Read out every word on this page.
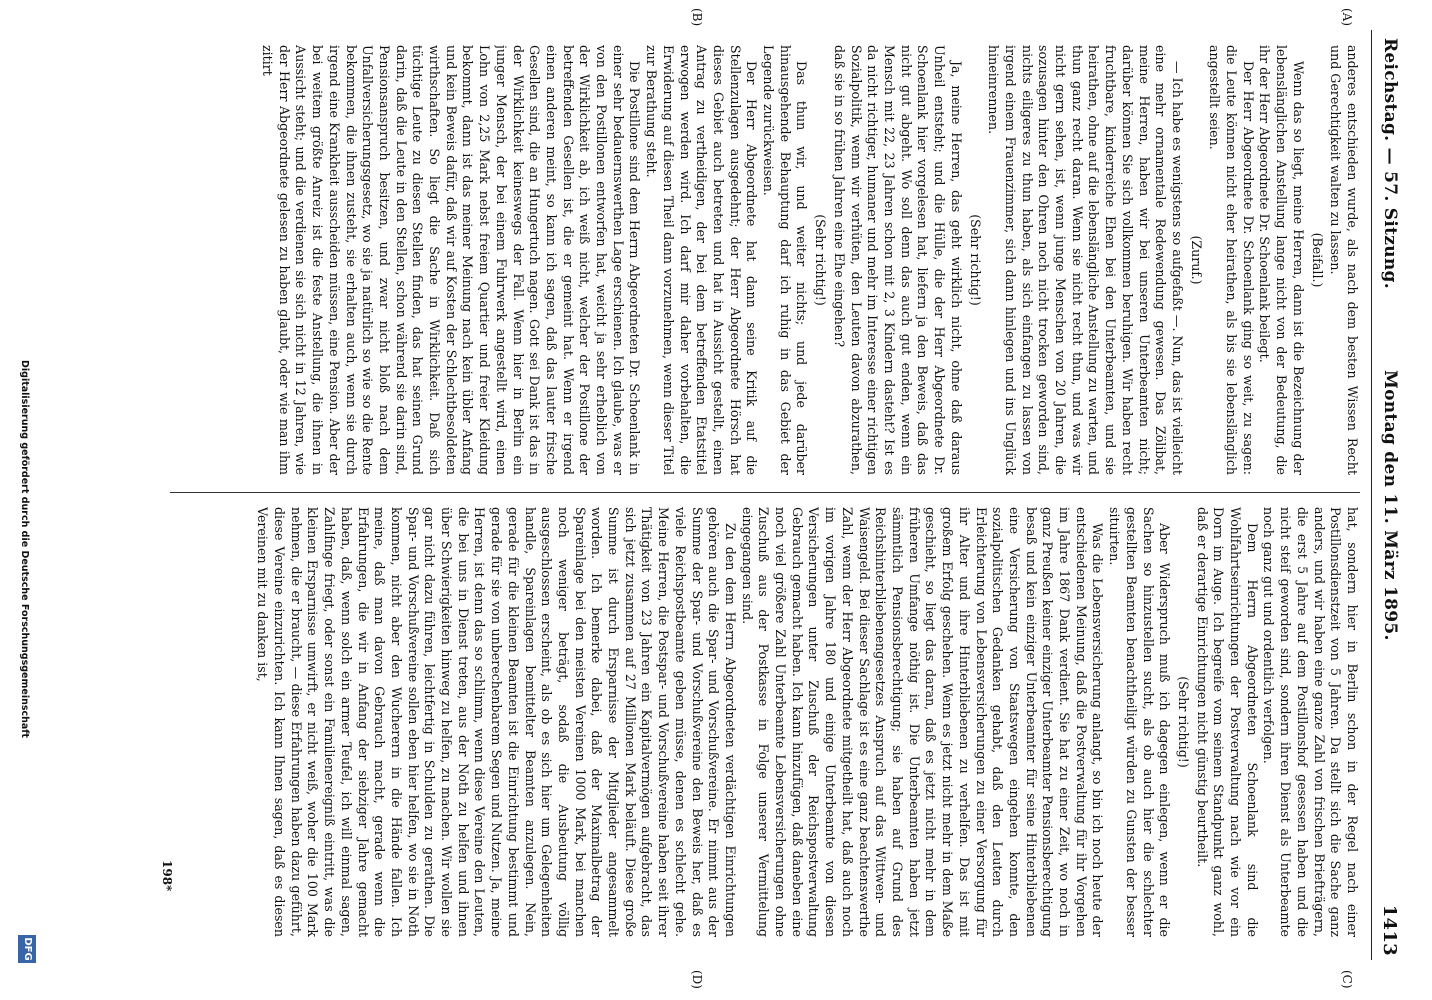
Reichstag. — 57. Sitzung.
Montag den 11. März 1895.
1413
(A)
(B)
(C)
(D)

anderes entschieden wurde, als nach dem besten Wissen Recht und Gerechtigkeit walten zu lassen.

(Beifall.)

Wenn das so liegt, meine Herren, dann ist die Bezeichnung der lebenslänglichen Anstellung lange nicht von der Bedeutung, die ihr der Herr Abgeordnete Dr. Schoenlank beilegt.

Der Herr Abgeordnete Dr. Schoenlank ging so weit, zu sagen: die Leute können nicht eher heirathen, als bis sie lebenslänglich angestellt seien.

(Zuruf.)

— Ich habe es wenigstens so aufgefaßt —. Nun, das ist vielleicht eine mehr ornamentale Redewendung gewesen. Das Zölibat, meine Herren, haben wir bei unseren Unterbeamten nicht; darüber können Sie sich vollkommen beruhigen. Wir haben recht fruchtbare, kinderreiche Ehen bei den Unterbeamten, und sie heirathen, ohne auf die lebenslängliche Anstellung zu warten, und thun ganz recht daran. Wenn sie nicht recht thun, und was wir nicht gern sehen, ist, wenn junge Menschen von 20 Jahren, die sozusagen hinter den Ohren noch nicht trocken geworden sind, nichts eiligeres zu thun haben, als sich einfangen zu lassen von irgend einem Frauenzimmer, sich dann hinlegen und ins Unglück hineinrennen.

(Sehr richtig!)

Ja, meine Herren, das geht wirklich nicht, ohne daß daraus Unheil entsteht; und die Hülle, die der Herr Abgeordnete Dr. Schoenlank hier vorgelesen hat, liefern ja den Beweis, daß das nicht gut abgeht. Wo soll denn das auch gut enden, wenn ein Mensch mit 22, 23 Jahren schon mit 2, 3 Kindern dasteht? Ist es da nicht richtiger, humaner und mehr im Interesse einer richtigen Sozialpolitik, wenn wir verhüten, den Leuten davon abzurathen, daß sie in so frühen Jahren eine Ehe eingehen?

(Sehr richtig!)

Das thun wir, und weiter nichts; und jede darüber hinausgehende Behauptung darf ich ruhig in das Gebiet der Legende zurückweisen.

Der Herr Abgeordnete hat dann seine Kritik auf die Stellenzulagen ausgedehnt; der Herr Abgeordnete Hörsch hat dieses Gebiet auch betreten und hat in Aussicht gestellt, einen Antrag zu vertheidigen, der bei dem betreffenden Etatstitel erwogen werden wird. Ich darf mir daher vorbehalten, die Erwiderung auf diesen Theil dann vorzunehmen, wenn dieser Titel zur Berathung steht.

Die Postillone sind dem Herrn Abgeordneten Dr. Schoenlank in einer sehr bedauernswerthen Lage erschienen. Ich glaube, was er von den Postillonen entworfen hat, weicht ja sehr erheblich von der Wirklichkeit ab, ich weiß nicht, welcher der Postillone der betreffenden Gesellen ist, die er gemeint hat. Wenn er irgend einen anderen meint, so kann ich sagen, daß das lauter frische Gesellen sind, die an Hungertuch nagen. Gott sei Dank ist das in der Wirklichkeit keineswegs der Fall. Wenn hier in Berlin ein junger Mensch, der bei einem Fuhrwerk angestellt wird, einen Lohn von 2,25 Mark nebst freiem Quartier und freier Kleidung bekommt, dann ist das meiner Meinung nach kein übler Anfang und kein Beweis dafür, daß wir auf Kosten der Schlechtbesoldeten wirthschaften. So liegt die Sache in Wirklichkeit. Daß sich tüchtige Leute zu diesen Stellen finden, das hat seinen Grund darin, daß die Leute in den Stellen, schon während sie darin sind, Pensionsanspruch besitzen, und zwar nicht bloß nach dem Unfallversicherungsgesetz, wo sie ja natürlich so wie so die Rente bekommen, die ihnen zusteht, sie erhalten auch, wenn sie durch irgend eine Krankheit ausscheiden müssen, eine Pension. Aber der bei weitem größte Anreiz ist die feste Anstellung, die ihnen in Aussicht steht; und die verdienen sie sich nicht in 12 Jahren, wie der Herr Abgeordnete gelesen zu haben glaubt, oder wie man ihm zitirt

hat, sondern hier in Berlin schon in der Regel nach einer Postillonsdienstzeit von 5 Jahren. Da stellt sich die Sache ganz anders, und wir haben eine ganze Zahl von frischen Briefträgern, die erst 5 Jahre auf dem Postillonshof gesessen haben und die nicht steif geworden sind, sondern ihren Dienst als Unterbeamte noch ganz gut und ordentlich verfolgen.

Dem Herrn Abgeordneten Schoenlank sind die Wohlfahrtseinrichtungen der Postverwaltung nach wie vor ein Dorn im Auge. Ich begreife vom seinem Standpunkt ganz wohl, daß er derartige Einrichtungen nicht günstig beurtheilt.

(Sehr richtig!)

Aber Widerspruch muß ich dagegen einlegen, wenn er die Sachen so hinzustellen sucht, als ob auch hier die schlechter gestellten Beamten benachtheiligt würden zu Gunsten der besser situirten.

Was die Lebensversicherung anlangt, so bin ich noch heute der entschiedenen Meinung, daß die Postverwaltung für ihr Vorgehen im Jahre 1867 Dank verdient. Sie hat zu einer Zeit, wo noch in ganz Preußen keiner einziger Unterbeamter Pensionsberechtigung besaß und kein einziger Unterbeamter für seine Hinterbliebenen eine Versicherung von Staatswegen eingehen konnte, den sozialpolitischen Gedanken gehabt, daß den Leuten durch Erleichterung von Lebensversicherungen zu einer Versorgung für ihr Alter und ihre Hinterbliebenen zu verhelfen. Das ist mit großem Erfolg geschehen. Wenn es jetzt nicht mehr in dem Maße geschieht, so liegt das daran, daß es jetzt nicht mehr in dem früheren Umfange nöthig ist. Die Unterbeamten haben jetzt sämmtlich Pensionsberechtigung; sie haben auf Grund des Reichshinterbliebenengesetzes Anspruch auf das Wittwen- und Waisengeld. Bei dieser Sachlage ist es eine ganz beachtenswerthe Zahl, wenn der Herr Abgeordnete mitgetheilt hat, daß auch noch im vorigen Jahre 180 und einige Unterbeamte von diesen Versicherungen unter Zuschuß der Reichspostverwaltung Gebrauch gemacht haben. Ich kann hinzufügen, daß daneben eine noch viel größere Zahl Unterbeamte Lebensversicherungen ohne Zuschuß aus der Postkasse in Folge unserer Vermittelung eingegangen sind.

Zu den dem Herrn Abgeordneten verdächtigen Einrichtungen gehören auch die Spar- und Vorschußvereine. Er nimmt aus der Summe der Spar- und Vorschußvereine den Beweis her, daß es viele Reichspostbeamte geben müsse, denen es schlecht gehe. Meine Herren, die Postspar- und Vorschußvereine haben seit ihrer Thätigkeit von 23 Jahren ein Kapitalvermögen aufgebracht, das sich jetzt zusammen auf 27 Millionen Mark beläuft. Diese große Summe ist durch Ersparnisse der Mitglieder angesammelt worden. Ich bemerke dabei, daß der Maximalbetrag der Spareinlage bei den meisten Vereinen 1000 Mark, bei manchen noch weniger beträgt, sodaß die Ausbeutung völlig ausgeschlossen erscheint, als ob es sich hier um Gelegenheiten handle, Spareinlagen bemittelter Beamten anzulegen. Nein, gerade für die kleinen Beamten ist die Einrichtung bestimmt und gerade für sie von unberechenbarem Segen und Nutzen. Ja, meine Herren, ist denn das so schlimm, wenn diese Vereine den Leuten, die bei uns in Dienst treten, aus der Noth zu helfen und ihnen über Schwierigkeiten hinweg zu helfen, zu machen. Wir wollen sie gar nicht dazu führen, leichtfertig in Schulden zu gerathen. Die Spar- und Vorschußvereine sollen eben hier helfen, wo sie in Noth kommen, nicht aber den Wucherern in die Hände fallen. Ich meine, daß man davon Gebrauch macht, gerade wenn die Erfahrungen, die wir in Anfang der siebziger Jahre gemacht haben, daß, wenn solch ein armer Teufel, ich will einmal sagen, Zahlfinge friegt, oder sonst ein Familienereigniß eintritt, was die kleinen Ersparnisse umwirft, er nicht weiß, woher die 100 Mark nehmen, die er braucht, — diese Erfahrungen haben dazu geführt, diese Vereine einzurichten. Ich kann Ihnen sagen, daß es diesen Vereinen mit zu danken ist,

198*
Digitalisierung gefördert durch die Deutsche Forschungsgemeinschaft
DFG
